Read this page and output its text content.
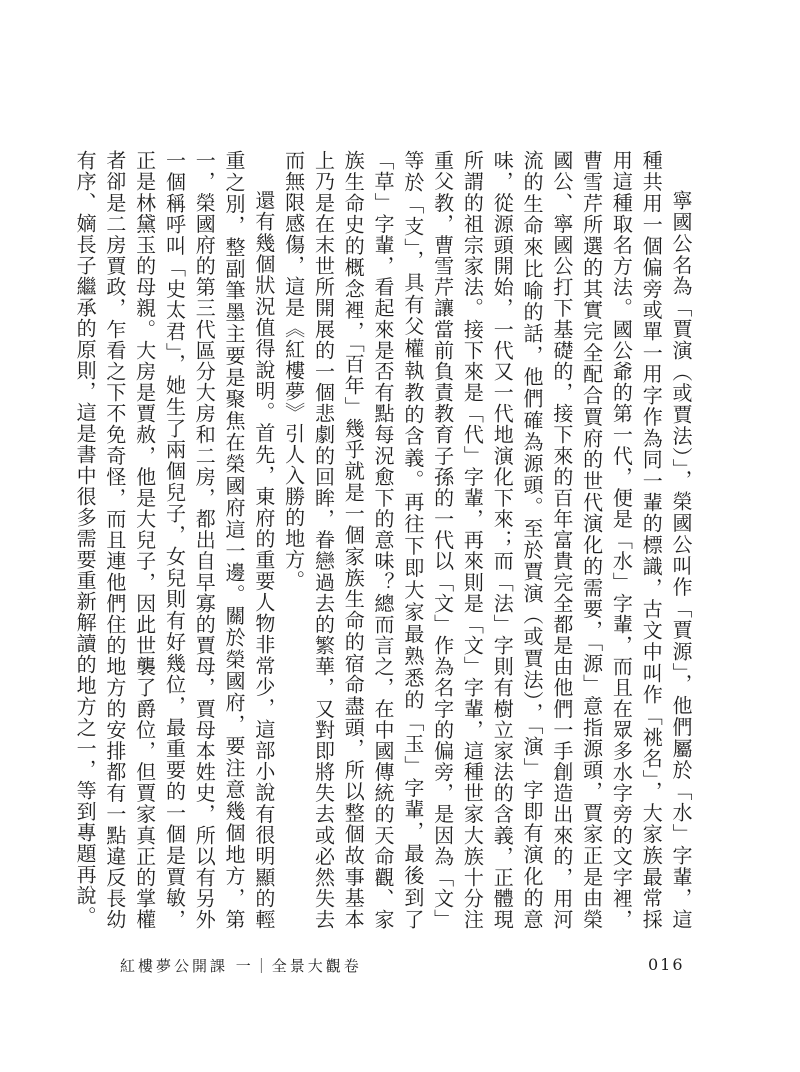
寧國公名為「賈演（或賈法）」，榮國公叫作「賈源」，他們屬於「水」字輩，這種共用一個偏旁或單一用字作為同一輩的標識，古文中叫作「祧名」，大家族最常採用這種取名方法。國公爺的第一代，便是「水」字輩，而且在眾多水字旁的文字裡，曹雪芹所選的其實完全配合賈府的世代演化的需要，「源」意指源頭，賈家正是由榮國公、寧國公打下基礎的，接下來的百年富貴完全都是由他們一手創造出來的，用河流的生命來比喻的話，他們確為源頭。至於賈演（或賈法），「演」字即有演化的意味，從源頭開始，一代又一代地演化下來；而「法」字則有樹立家法的含義，正體現所謂的祖宗家法。接下來是「代」字輩，再來則是「文」字輩，這種世家大族十分注重父教，曹雪芹讓當前負責教育子孫的一代以「文」作為名字的偏旁，是因為「文」等於「支」，具有父權執教的含義。再往下即大家最熟悉的「玉」字輩，最後到了「草」字輩，看起來是否有點每況愈下的意味？總而言之，在中國傳統的天命觀、家族生命史的概念裡，「百年」幾乎就是一個家族生命的宿命盡頭，所以整個故事基本上乃是在末世所開展的一個悲劇的回眸，眷戀過去的繁華，又對即將失去或必然失去而無限感傷，這是《紅樓夢》引人入勝的地方。

還有幾個狀況值得說明。首先，東府的重要人物非常少，這部小說有很明顯的輕重之別，整副筆墨主要是聚焦在榮國府這一邊。關於榮國府，要注意幾個地方，第一，榮國府的第三代區分大房和二房，都出自早寡的賈母，賈母本姓史，所以有另外一個稱呼叫「史太君」，她生了兩個兒子，女兒則有好幾位，最重要的一個是賈敏，正是林黛玉的母親。大房是賈赦，他是大兒子，因此世襲了爵位，但賈家真正的掌權者卻是二房賈政，乍看之下不免奇怪，而且連他們住的地方的安排都有一點違反長幼有序、嫡長子繼承的原則，這是書中很多需要重新解讀的地方之一，等到專題再說。

紅樓夢公開課 一｜全景大觀卷	016
